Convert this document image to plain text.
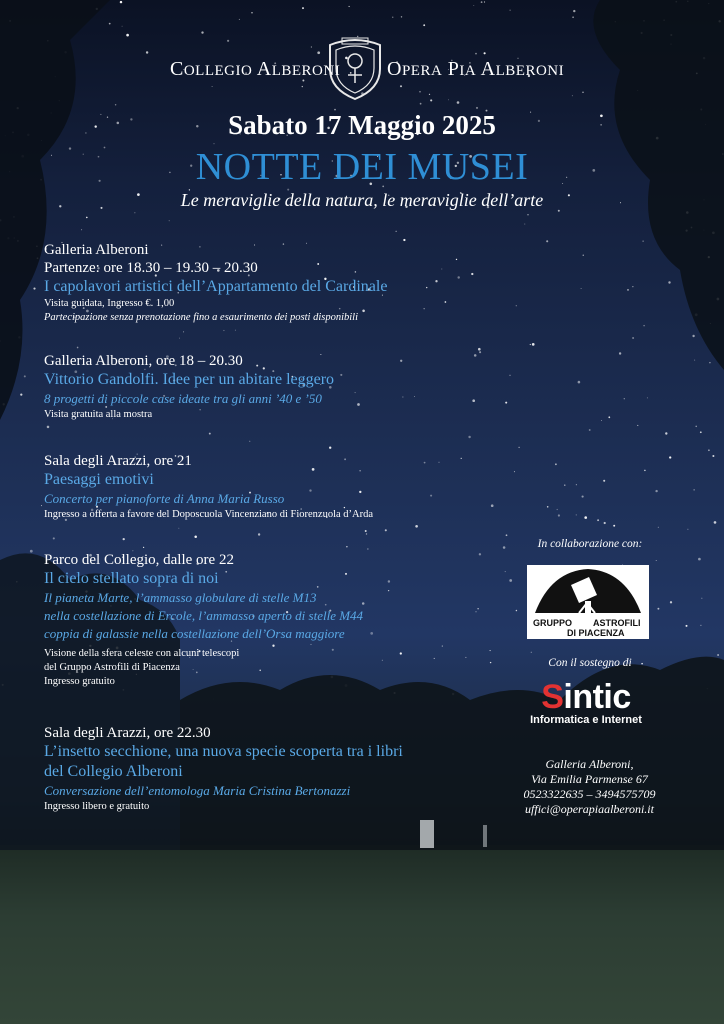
COLLEGIO ALBERONI OPERA PIA ALBERONI
Sabato 17 Maggio 2025
NOTTE DEI MUSEI
Le meraviglie della natura, le meraviglie dell’arte
Galleria Alberoni
Partenze: ore 18.30 – 19.30 – 20.30
I capolavori artistici dell’Appartamento del Cardinale
Visita guidata, Ingresso €. 1,00
Partecipazione senza prenotazione fino a esaurimento dei posti disponibili
Galleria Alberoni, ore 18 – 20.30
Vittorio Gandolfi. Idee per un abitare leggero
8 progetti di piccole case ideate tra gli anni ’40 e ’50
Visita gratuita alla mostra
Sala degli Arazzi, ore 21
Paesaggi emotivi
Concerto per pianoforte di Anna Maria Russo
Ingresso a offerta a favore del Doposcuola Vincenziano di Fiorenzuola d’Arda
Parco del Collegio, dalle ore 22
Il cielo stellato sopra di noi
Il pianeta Marte, l’ammasso globulare di stelle M13
nella costellazione di Ercole, l’ammasso aperto di stelle M44
coppia di galassie nella costellazione dell’Orsa maggiore
Visione della sfera celeste con alcuni telescopi
del Gruppo Astrofili di Piacenza
Ingresso gratuito
Sala degli Arazzi, ore 22.30
L’insetto secchione, una nuova specie scoperta tra i libri
del Collegio Alberoni
Conversazione dell’entomologa Maria Cristina Bertonazzi
Ingresso libero e gratuito
In collaborazione con:
GRUPPO ASTROFILI
DI PIACENZA
Con il sostegno di
Sintic
Informatica e Internet
Galleria Alberoni,
Via Emilia Parmense 67
0523322635 – 3494575709
uffici@operapiaalberoni.it
